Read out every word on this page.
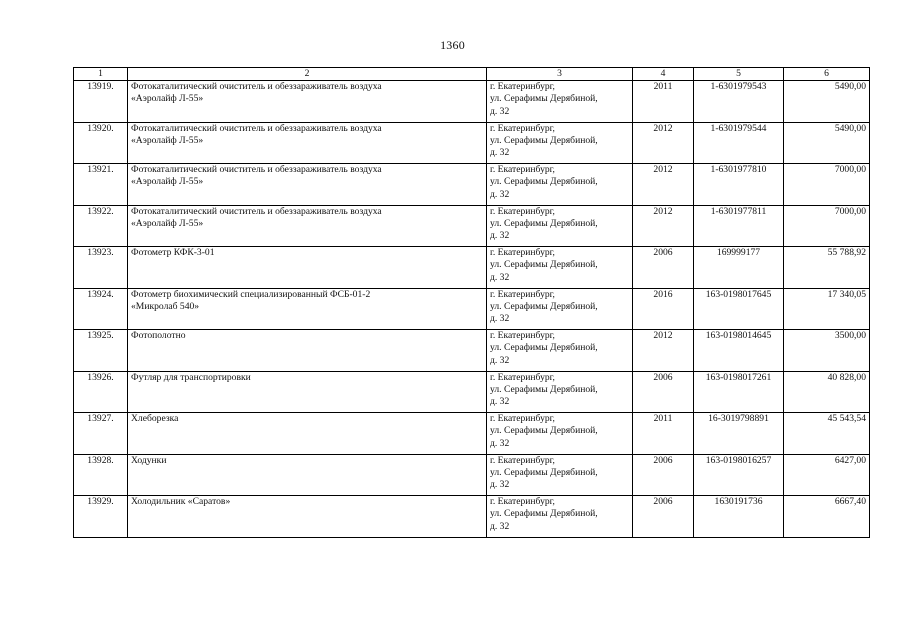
1360
1	2	3	4	5	6
13919.	Фотокаталитический очиститель и обеззараживатель воздуха
«Аэролайф Л-55»	г. Екатеринбург,
ул. Серафимы Дерябиной,
д. 32	2011	1-6301979543	5490,00
13920.	Фотокаталитический очиститель и обеззараживатель воздуха
«Аэролайф Л-55»	г. Екатеринбург,
ул. Серафимы Дерябиной,
д. 32	2012	1-6301979544	5490,00
13921.	Фотокаталитический очиститель и обеззараживатель воздуха
«Аэролайф Л-55»	г. Екатеринбург,
ул. Серафимы Дерябиной,
д. 32	2012	1-6301977810	7000,00
13922.	Фотокаталитический очиститель и обеззараживатель воздуха
«Аэролайф Л-55»	г. Екатеринбург,
ул. Серафимы Дерябиной,
д. 32	2012	1-6301977811	7000,00
13923.	Фотометр КФК-3-01	г. Екатеринбург,
ул. Серафимы Дерябиной,
д. 32	2006	169999177	55 788,92
13924.	Фотометр биохимический специализированный ФСБ-01-2
«Микролаб 540»	г. Екатеринбург,
ул. Серафимы Дерябиной,
д. 32	2016	163-0198017645	17 340,05
13925.	Фотополотно	г. Екатеринбург,
ул. Серафимы Дерябиной,
д. 32	2012	163-0198014645	3500,00
13926.	Футляр для транспортировки	г. Екатеринбург,
ул. Серафимы Дерябиной,
д. 32	2006	163-0198017261	40 828,00
13927.	Хлеборезка	г. Екатеринбург,
ул. Серафимы Дерябиной,
д. 32	2011	16-3019798891	45 543,54
13928.	Ходунки	г. Екатеринбург,
ул. Серафимы Дерябиной,
д. 32	2006	163-0198016257	6427,00
13929.	Холодильник «Саратов»	г. Екатеринбург,
ул. Серафимы Дерябиной,
д. 32	2006	1630191736	6667,40
